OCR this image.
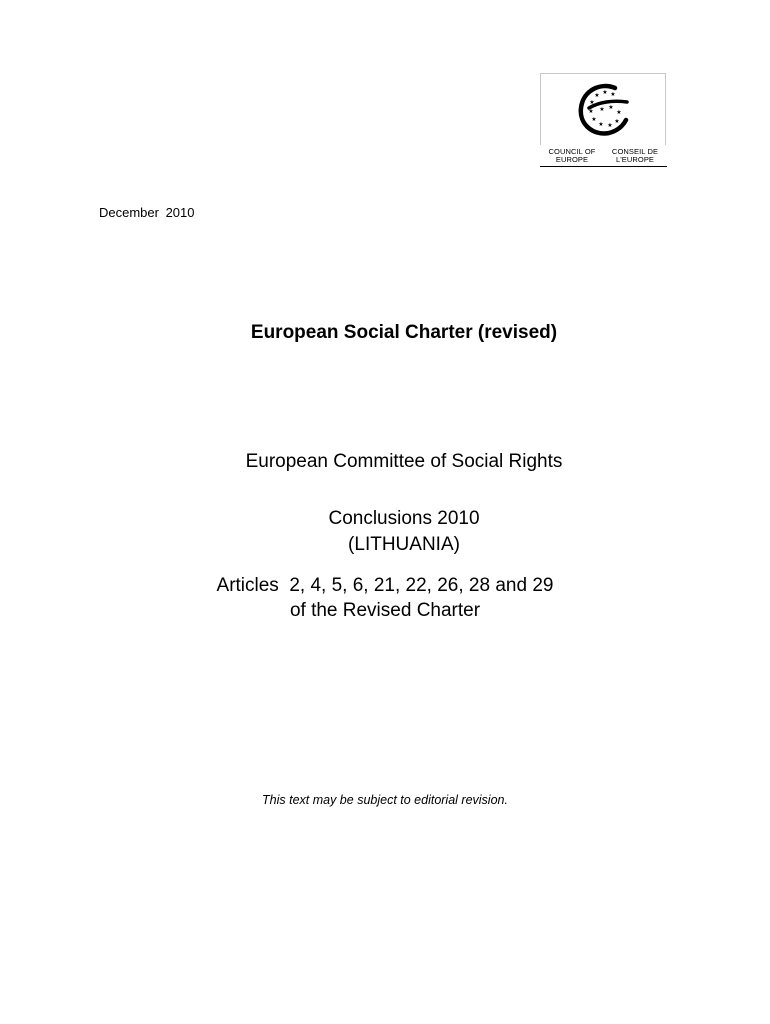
★ ★
★
★
★
★
★ ★
★
★
★
★
COUNCIL OF EUROPE
CONSEIL DE L'EUROPE
December 2010
European Social Charter (revised)
European Committee of Social Rights
Conclusions 2010
(LITHUANIA)
Articles  2, 4, 5, 6, 21, 22, 26, 28 and 29
of the Revised Charter
This text may be subject to editorial revision.
